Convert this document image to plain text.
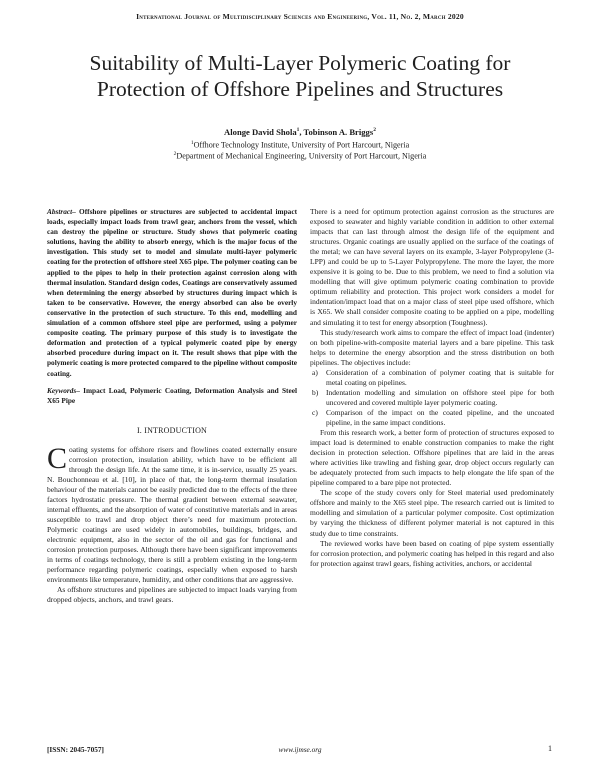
International Journal of Multidisciplinary Sciences and Engineering, Vol. 11, No. 2, March 2020
Suitability of Multi-Layer Polymeric Coating for
Protection of Offshore Pipelines and Structures
Alonge David Shola$^1$, Tobinson A. Briggs$^2$
$^1$Offhore Technology Institute, University of Port Harcourt, Nigeria
$^2$Department of Mechanical Engineering, University of Port Harcourt, Nigeria

Abstract– Offshore pipelines or structures are subjected to accidental impact loads, especially impact loads from trawl gear, anchors from the vessel, which can destroy the pipeline or structure. Study shows that polymeric coating solutions, having the ability to absorb energy, which is the major focus of the investigation. This study set to model and simulate multi-layer polymeric coating for the protection of offshore steel X65 pipe. The polymer coating can be applied to the pipes to help in their protection against corrosion along with thermal insulation. Standard design codes, Coatings are conservatively assumed when determining the energy absorbed by structures during impact which is taken to be conservative. However, the energy absorbed can also be overly conservative in the protection of such structure. To this end, modelling and simulation of a common offshore steel pipe are performed, using a polymer composite coating. The primary purpose of this study is to investigate the deformation and protection of a typical polymeric coated pipe by energy absorbed procedure during impact on it. The result shows that pipe with the polymeric coating is more protected compared to the pipeline without composite coating.

Keywords– Impact Load, Polymeric Coating, Deformation Analysis and Steel X65 Pipe

I. INTRODUCTION

Coating systems for offshore risers and flowlines coated externally ensure corrosion protection, insulation ability, which have to be efficient all through the design life. At the same time, it is in-service, usually 25 years. N. Bouchonneau et al. [10], in place of that, the long-term thermal insulation behaviour of the materials cannot be easily predicted due to the effects of the three factors hydrostatic pressure. The thermal gradient between external seawater, internal effluents, and the absorption of water of constitutive materials and in areas susceptible to trawl and drop object there’s need for maximum protection. Polymeric coatings are used widely in automobiles, buildings, bridges, and electronic equipment, also in the sector of the oil and gas for functional and corrosion protection purposes. Although there have been significant improvements in terms of coatings technology, there is still a problem existing in the long-term performance regarding polymeric coatings, especially when exposed to harsh environments like temperature, humidity, and other conditions that are aggressive.

As offshore structures and pipelines are subjected to impact loads varying from dropped objects, anchors, and trawl gears.

There is a need for optimum protection against corrosion as the structures are exposed to seawater and highly variable condition in addition to other external impacts that can last through almost the design life of the equipment and structures. Organic coatings are usually applied on the surface of the coatings of the metal; we can have several layers on its example, 3-layer Polypropylene (3-LPP) and could be up to 5-Layer Polypropylene. The more the layer, the more expensive it is going to be. Due to this problem, we need to find a solution via modelling that will give optimum polymeric coating combination to provide optimum reliability and protection. This project work considers a model for indentation/impact load that on a major class of steel pipe used offshore, which is X65. We shall consider composite coating to be applied on a pipe, modelling and simulating it to test for energy absorption (Toughness).

This study/research work aims to compare the effect of impact load (indenter) on both pipeline-with-composite material layers and a bare pipeline. This task helps to determine the energy absorption and the stress distribution on both pipelines. The objectives include:

a) Consideration of a combination of polymer coating that is suitable for metal coating on pipelines.
b) Indentation modelling and simulation on offshore steel pipe for both uncovered and covered multiple layer polymeric coating.
c) Comparison of the impact on the coated pipeline, and the uncoated pipeline, in the same impact conditions.

From this research work, a better form of protection of structures exposed to impact load is determined to enable construction companies to make the right decision in protection selection. Offshore pipelines that are laid in the areas where activities like trawling and fishing gear, drop object occurs regularly can be adequately protected from such impacts to help elongate the life span of the pipeline compared to a bare pipe not protected.

The scope of the study covers only for Steel material used predominately offshore and mainly to the X65 steel pipe. The research carried out is limited to modelling and simulation of a particular polymer composite. Cost optimization by varying the thickness of different polymer material is not captured in this study due to time constraints.

The reviewed works have been based on coating of pipe system essentially for corrosion protection, and polymeric coating has helped in this regard and also for protection against trawl gears, fishing activities, anchors, or accidental

[ISSN: 2045-7057]	www.ijmse.org	1
